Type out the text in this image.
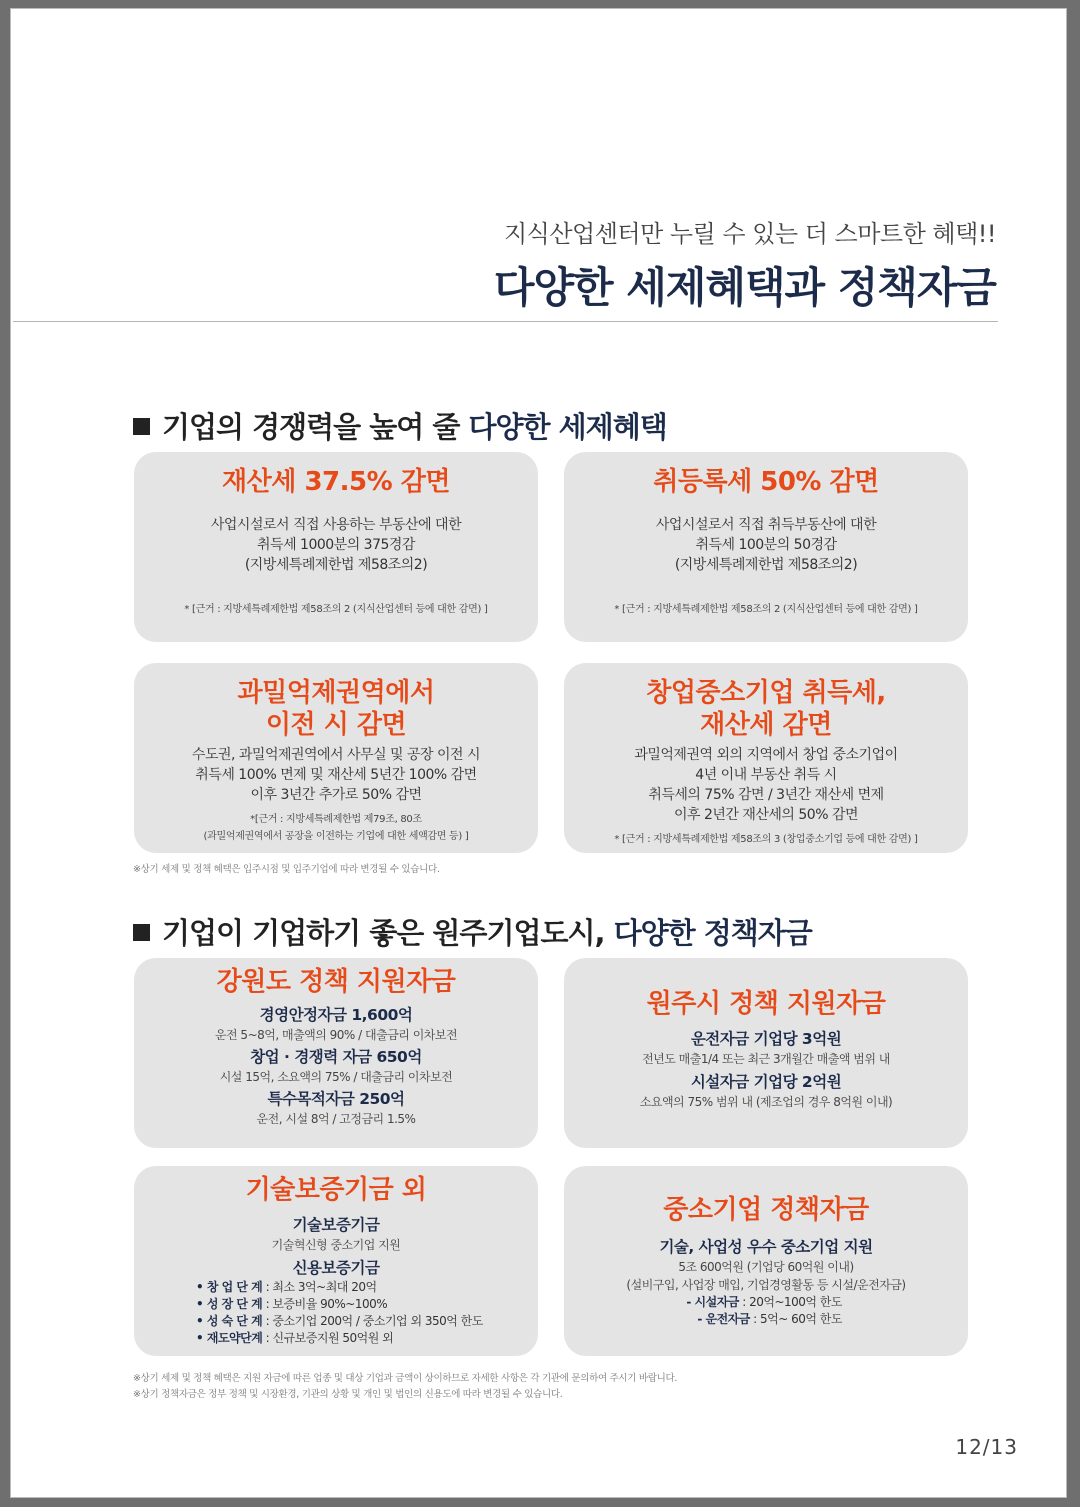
지식산업센터만 누릴 수 있는 더 스마트한 혜택!!
다양한 세제혜택과 정책자금
기업의 경쟁력을 높여 줄 다양한 세제혜택
재산세 37.5% 감면
사업시설로서 직접 사용하는 부동산에 대한
취득세 1000분의 375경감
(지방세특례제한법 제58조의2)
* [근거 : 지방세특례제한법 제58조의 2 (지식산업센터 등에 대한 감면) ]
취등록세 50% 감면
사업시설로서 직접 취득부동산에 대한
취득세 100분의 50경감
(지방세특례제한법 제58조의2)
* [근거 : 지방세특례제한법 제58조의 2 (지식산업센터 등에 대한 감면) ]
과밀억제권역에서
이전 시 감면
수도권, 과밀억제권역에서 사무실 및 공장 이전 시
취득세 100% 면제 및 재산세 5년간 100% 감면
이후 3년간 추가로 50% 감면
*[근거 : 지방세특례제한법 제79조, 80조
(과밀억제권역에서 공장을 이전하는 기업에 대한 세액감면 등) ]
창업중소기업 취득세,
재산세 감면
과밀억제권역 외의 지역에서 창업 중소기업이
4년 이내 부동산 취득 시
취득세의 75% 감면 / 3년간 재산세 면제
이후 2년간 재산세의 50% 감면
* [근거 : 지방세특례제한법 제58조의 3 (창업중소기업 등에 대한 감면) ]
※상기 세제 및 정책 혜택은 입주시점 및 입주기업에 따라 변경될 수 있습니다.
기업이 기업하기 좋은 원주기업도시, 다양한 정책자금
강원도 정책 지원자금
경영안정자금 1,600억
운전 5~8억, 매출액의 90% / 대출금리 이차보전
창업 · 경쟁력 자금 650억
시설 15억, 소요액의 75% / 대출금리 이차보전
특수목적자금 250억
운전, 시설 8억 / 고정금리 1.5%
원주시 정책 지원자금
운전자금 기업당 3억원
전년도 매출1/4 또는 최근 3개월간 매출액 범위 내
시설자금 기업당 2억원
소요액의 75% 범위 내 (제조업의 경우 8억원 이내)
기술보증기금 외
기술보증기금
기술혁신형 중소기업 지원
신용보증기금
• 창 업 단 계 : 최소 3억~최대 20억
• 성 장 단 계 : 보증비율 90%~100%
• 성 숙 단 계 : 중소기업 200억 / 중소기업 외 350억 한도
• 재도약단계 : 신규보증지원 50억원 외
중소기업 정책자금
기술, 사업성 우수 중소기업 지원
5조 600억원 (기업당 60억원 이내)
(설비구입, 사업장 매입, 기업경영활동 등 시설/운전자금)
- 시설자금 : 20억~100억 한도
- 운전자금 : 5억~ 60억 한도
※상기 세제 및 정책 혜택은 지원 자금에 따른 업종 및 대상 기업과 금액이 상이하므로 자세한 사항은 각 기관에 문의하여 주시기 바랍니다.
※상기 정책자금은 정부 정책 및 시장환경, 기관의 상황 및 개인 및 법인의 신용도에 따라 변경될 수 있습니다.
12/13
